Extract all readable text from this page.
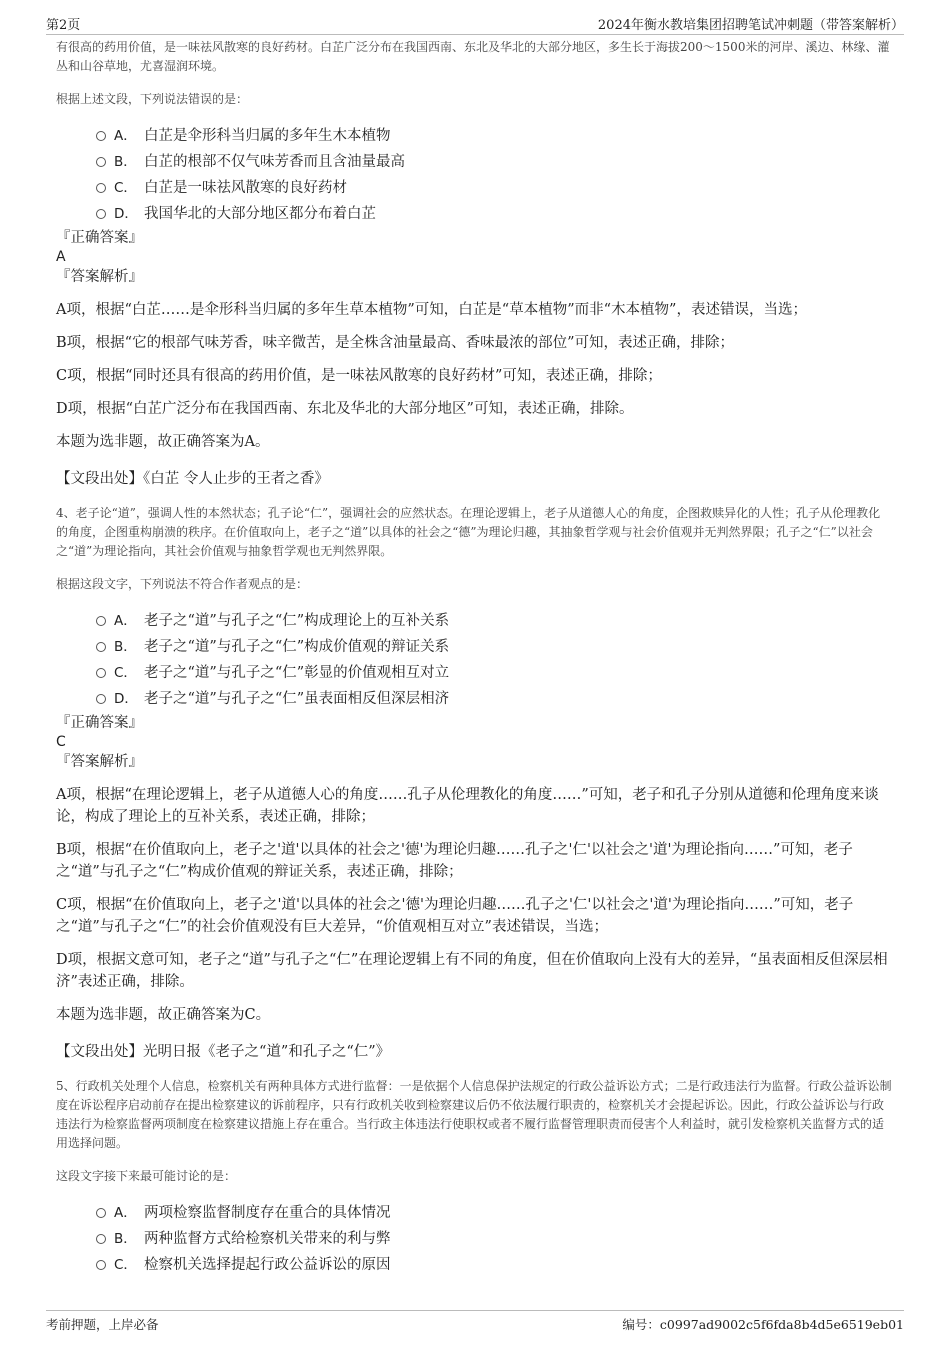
第2页	2024年衡水教培集团招聘笔试冲刺题（带答案解析）

有很高的药用价值，是一味祛风散寒的良好药材。白芷广泛分布在我国西南、东北及华北的大部分地区，多生长于海拔200～1500米的河岸、溪边、林缘、灌丛和山谷草地，尤喜湿润环境。

根据上述文段，下列说法错误的是：

A． 白芷是伞形科当归属的多年生木本植物
B． 白芷的根部不仅气味芳香而且含油量最高
C． 白芷是一味祛风散寒的良好药材
D． 我国华北的大部分地区都分布着白芷

『正确答案』

A

『答案解析』

A项，根据“白芷……是伞形科当归属的多年生草本植物”可知，白芷是“草本植物”而非“木本植物”，表述错误，当选；

B项，根据“它的根部气味芳香，味辛微苦，是全株含油量最高、香味最浓的部位”可知，表述正确，排除；

C项，根据“同时还具有很高的药用价值，是一味祛风散寒的良好药材”可知，表述正确，排除；

D项，根据“白芷广泛分布在我国西南、东北及华北的大部分地区”可知，表述正确，排除。

本题为选非题，故正确答案为A。

【文段出处】《白芷 令人止步的王者之香》

4、老子论“道”，强调人性的本然状态；孔子论“仁”，强调社会的应然状态。在理论逻辑上，老子从道德人心的角度，企图救赎异化的人性；孔子从伦理教化的角度，企图重构崩溃的秩序。在价值取向上，老子之“道”以具体的社会之“德”为理论归趣，其抽象哲学观与社会价值观并无判然界限；孔子之“仁”以社会之“道”为理论指向，其社会价值观与抽象哲学观也无判然界限。

根据这段文字，下列说法不符合作者观点的是：

A． 老子之“道”与孔子之“仁”构成理论上的互补关系
B． 老子之“道”与孔子之“仁”构成价值观的辩证关系
C． 老子之“道”与孔子之“仁”彰显的价值观相互对立
D． 老子之“道”与孔子之“仁”虽表面相反但深层相济

『正确答案』

C

『答案解析』

A项，根据“在理论逻辑上，老子从道德人心的角度……孔子从伦理教化的角度……”可知，老子和孔子分别从道德和伦理角度来谈论，构成了理论上的互补关系，表述正确，排除；

B项，根据“在价值取向上，老子之'道'以具体的社会之'德'为理论归趣……孔子之'仁'以社会之'道'为理论指向……”可知，老子之“道”与孔子之“仁”构成价值观的辩证关系，表述正确，排除；

C项，根据“在价值取向上，老子之'道'以具体的社会之'德'为理论归趣……孔子之'仁'以社会之'道'为理论指向……”可知，老子之“道”与孔子之“仁”的社会价值观没有巨大差异，“价值观相互对立”表述错误，当选；

D项，根据文意可知，老子之“道”与孔子之“仁”在理论逻辑上有不同的角度，但在价值取向上没有大的差异，“虽表面相反但深层相济”表述正确，排除。

本题为选非题，故正确答案为C。

【文段出处】光明日报《老子之“道”和孔子之“仁”》

5、行政机关处理个人信息，检察机关有两种具体方式进行监督：一是依据个人信息保护法规定的行政公益诉讼方式；二是行政违法行为监督。行政公益诉讼制度在诉讼程序启动前存在提出检察建议的诉前程序，只有行政机关收到检察建议后仍不依法履行职责的，检察机关才会提起诉讼。因此，行政公益诉讼与行政违法行为检察监督两项制度在检察建议措施上存在重合。当行政主体违法行使职权或者不履行监督管理职责而侵害个人利益时，就引发检察机关监督方式的适用选择问题。

这段文字接下来最可能讨论的是：

A． 两项检察监督制度存在重合的具体情况
B． 两种监督方式给检察机关带来的利与弊
C． 检察机关选择提起行政公益诉讼的原因
考前押题，上岸必备	编号：c0997ad9002c5f6fda8b4d5e6519eb01
